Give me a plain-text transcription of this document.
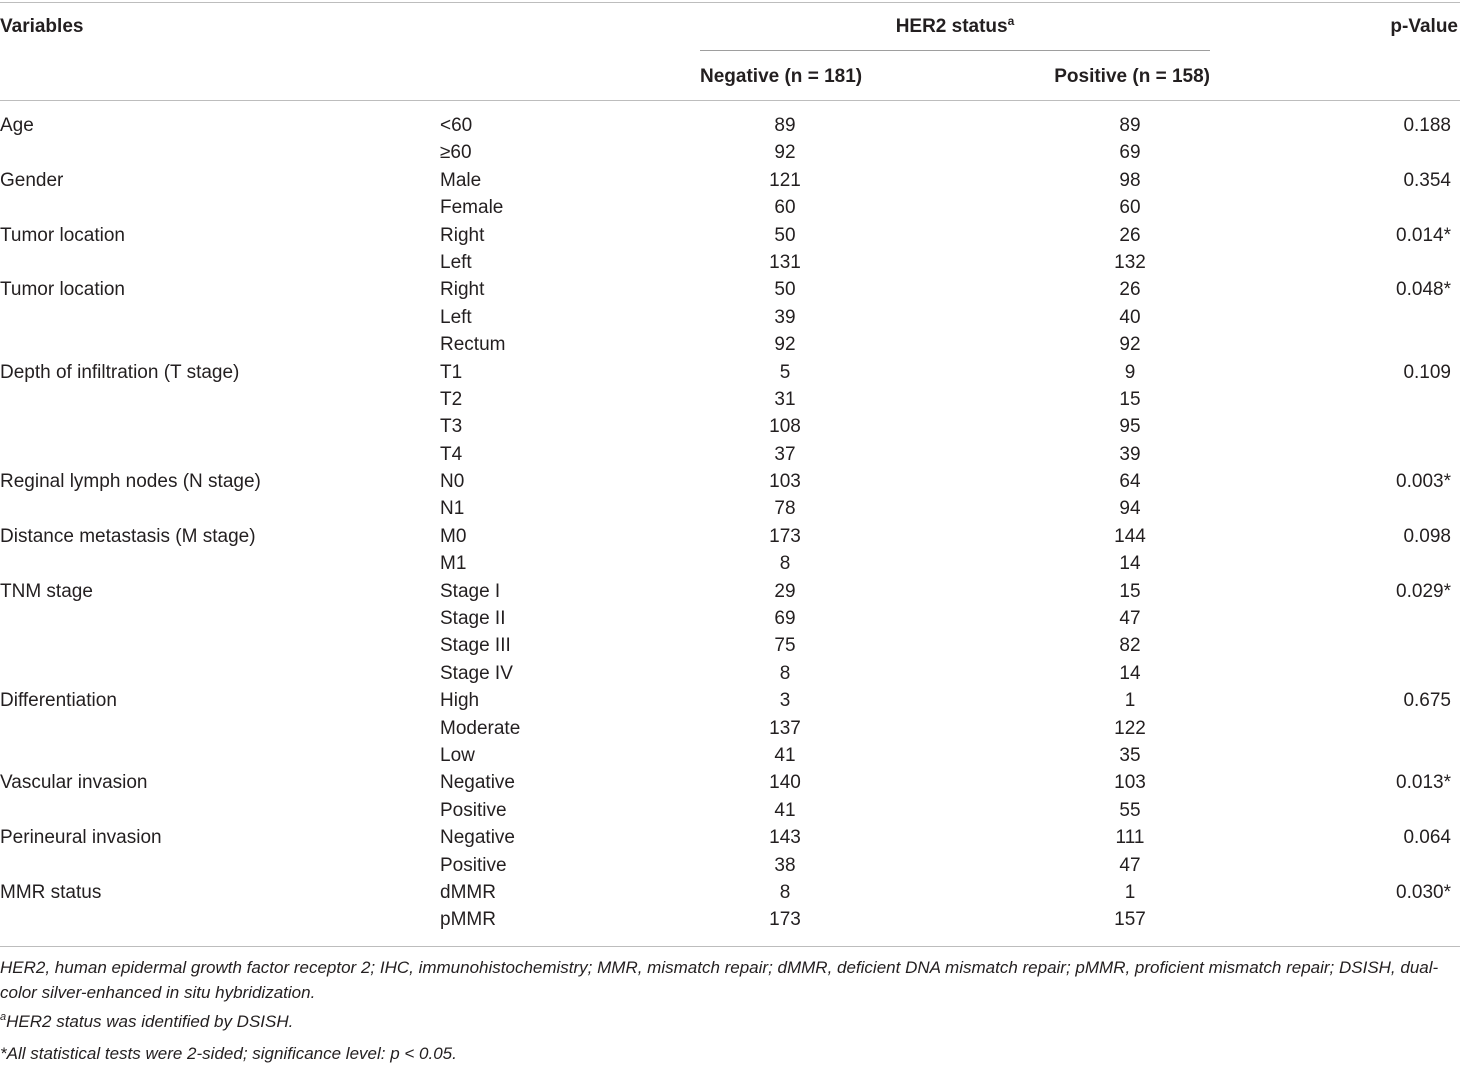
Variables	HER2 status$^a$	p-Value
Negative (n = 181)	Positive (n = 158)
Age	<60	89	89	0.188
≥60	92	69
Gender	Male	121	98	0.354
Female	60	60
Tumor location	Right	50	26	0.014*
Left	131	132
Tumor location	Right	50	26	0.048*
Left	39	40
Rectum	92	92
Depth of infiltration (T stage)	T1	5	9	0.109
T2	31	15
T3	108	95
T4	37	39
Reginal lymph nodes (N stage)	N0	103	64	0.003*
N1	78	94
Distance metastasis (M stage)	M0	173	144	0.098
M1	8	14
TNM stage	Stage I	29	15	0.029*
Stage II	69	47
Stage III	75	82
Stage IV	8	14
Differentiation	High	3	1	0.675
Moderate	137	122
Low	41	35
Vascular invasion	Negative	140	103	0.013*
Positive	41	55
Perineural invasion	Negative	143	111	0.064
Positive	38	47
MMR status	dMMR	8	1	0.030*
pMMR	173	157

HER2, human epidermal growth factor receptor 2; IHC, immunohistochemistry; MMR, mismatch repair; dMMR, deficient DNA mismatch repair; pMMR, proficient mismatch repair; DSISH, dual-color silver-enhanced in situ hybridization.

$^a$HER2 status was identified by DSISH.

*All statistical tests were 2-sided; significance level: p < 0.05.
